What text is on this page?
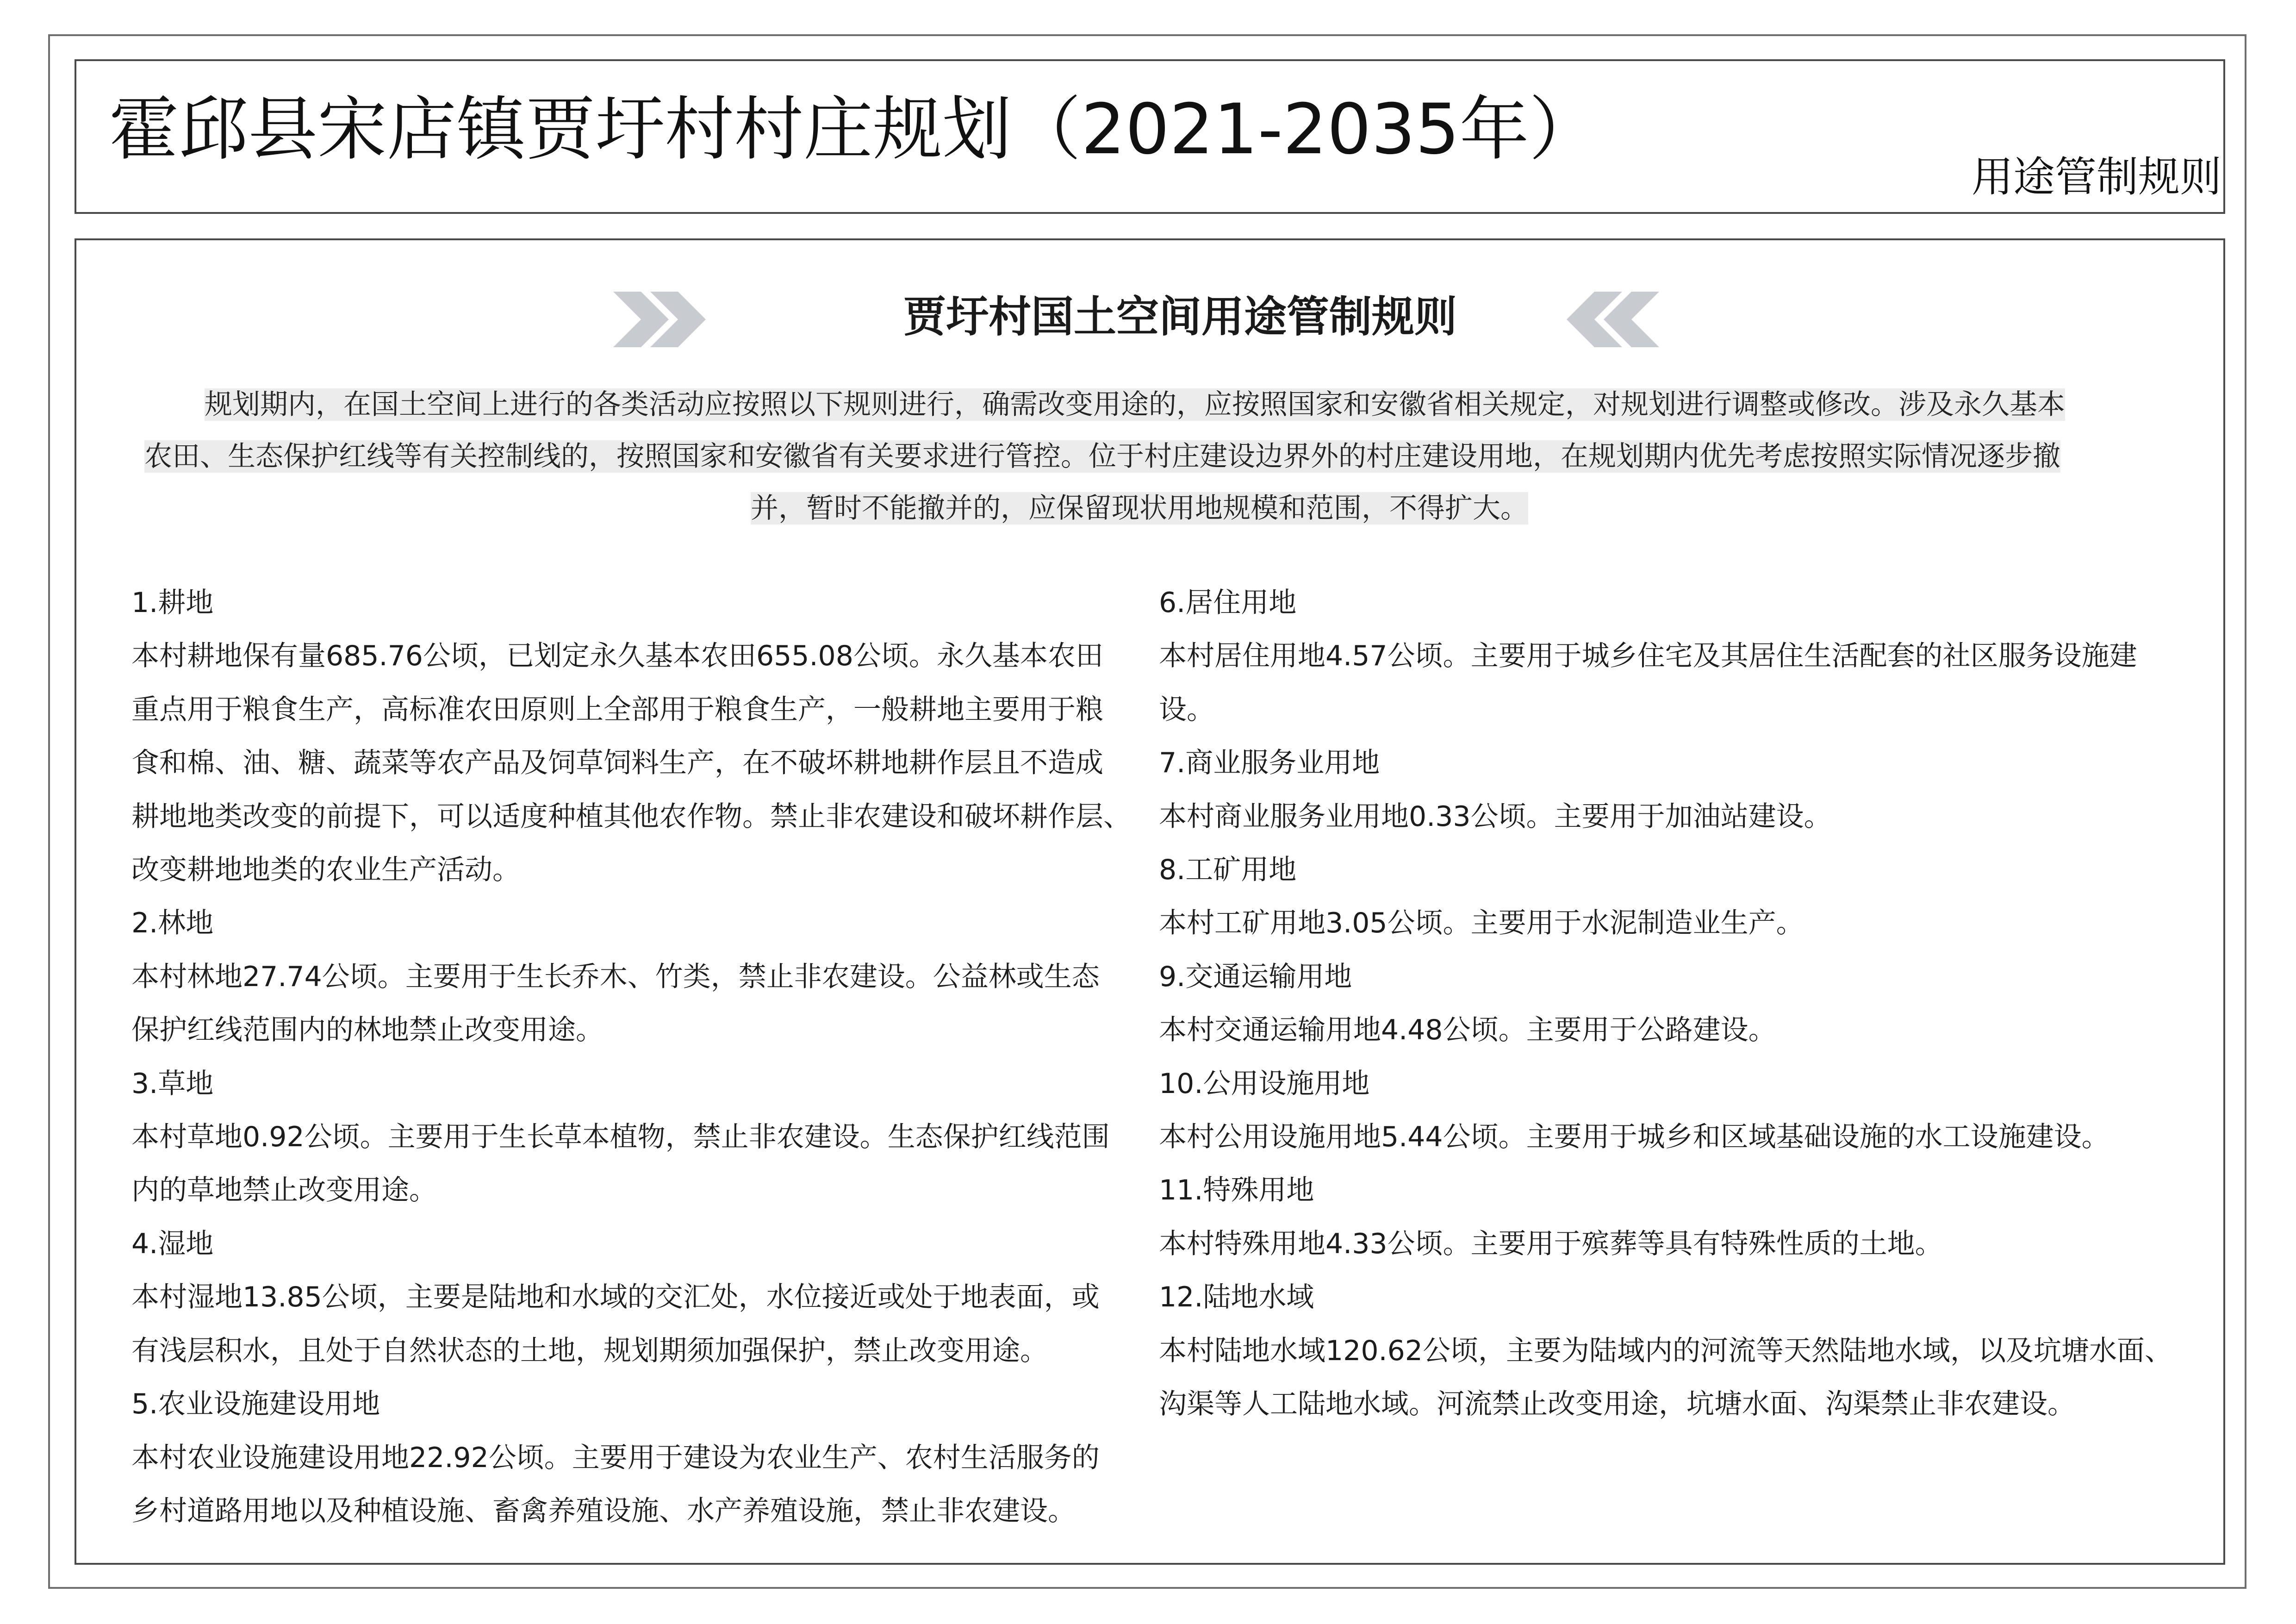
霍邱县宋店镇贾圩村村庄规划（2021-2035年）
用途管制规则
贾圩村国土空间用途管制规则

规划期内，在国土空间上进行的各类活动应按照以下规则进行，确需改变用途的，应按照国家和安徽省相关规定，对规划进行调整或修改。涉及永久基本
农田、生态保护红线等有关控制线的，按照国家和安徽省有关要求进行管控。位于村庄建设边界外的村庄建设用地，在规划期内优先考虑按照实际情况逐步撤
并，暂时不能撤并的，应保留现状用地规模和范围，不得扩大。

1.耕地
本村耕地保有量685.76公顷，已划定永久基本农田655.08公顷。永久基本农田
重点用于粮食生产，高标准农田原则上全部用于粮食生产，一般耕地主要用于粮
食和棉、油、糖、蔬菜等农产品及饲草饲料生产，在不破坏耕地耕作层且不造成
耕地地类改变的前提下，可以适度种植其他农作物。禁止非农建设和破坏耕作层、
改变耕地地类的农业生产活动。
2.林地
本村林地27.74公顷。主要用于生长乔木、竹类，禁止非农建设。公益林或生态
保护红线范围内的林地禁止改变用途。
3.草地
本村草地0.92公顷。主要用于生长草本植物，禁止非农建设。生态保护红线范围
内的草地禁止改变用途。
4.湿地
本村湿地13.85公顷，主要是陆地和水域的交汇处，水位接近或处于地表面，或
有浅层积水，且处于自然状态的土地，规划期须加强保护，禁止改变用途。
5.农业设施建设用地
本村农业设施建设用地22.92公顷。主要用于建设为农业生产、农村生活服务的
乡村道路用地以及种植设施、畜禽养殖设施、水产养殖设施，禁止非农建设。
6.居住用地
本村居住用地4.57公顷。主要用于城乡住宅及其居住生活配套的社区服务设施建
设。
7.商业服务业用地
本村商业服务业用地0.33公顷。主要用于加油站建设。
8.工矿用地
本村工矿用地3.05公顷。主要用于水泥制造业生产。
9.交通运输用地
本村交通运输用地4.48公顷。主要用于公路建设。
10.公用设施用地
本村公用设施用地5.44公顷。主要用于城乡和区域基础设施的水工设施建设。
11.特殊用地
本村特殊用地4.33公顷。主要用于殡葬等具有特殊性质的土地。
12.陆地水域
本村陆地水域120.62公顷，主要为陆域内的河流等天然陆地水域，以及坑塘水面、
沟渠等人工陆地水域。河流禁止改变用途，坑塘水面、沟渠禁止非农建设。
